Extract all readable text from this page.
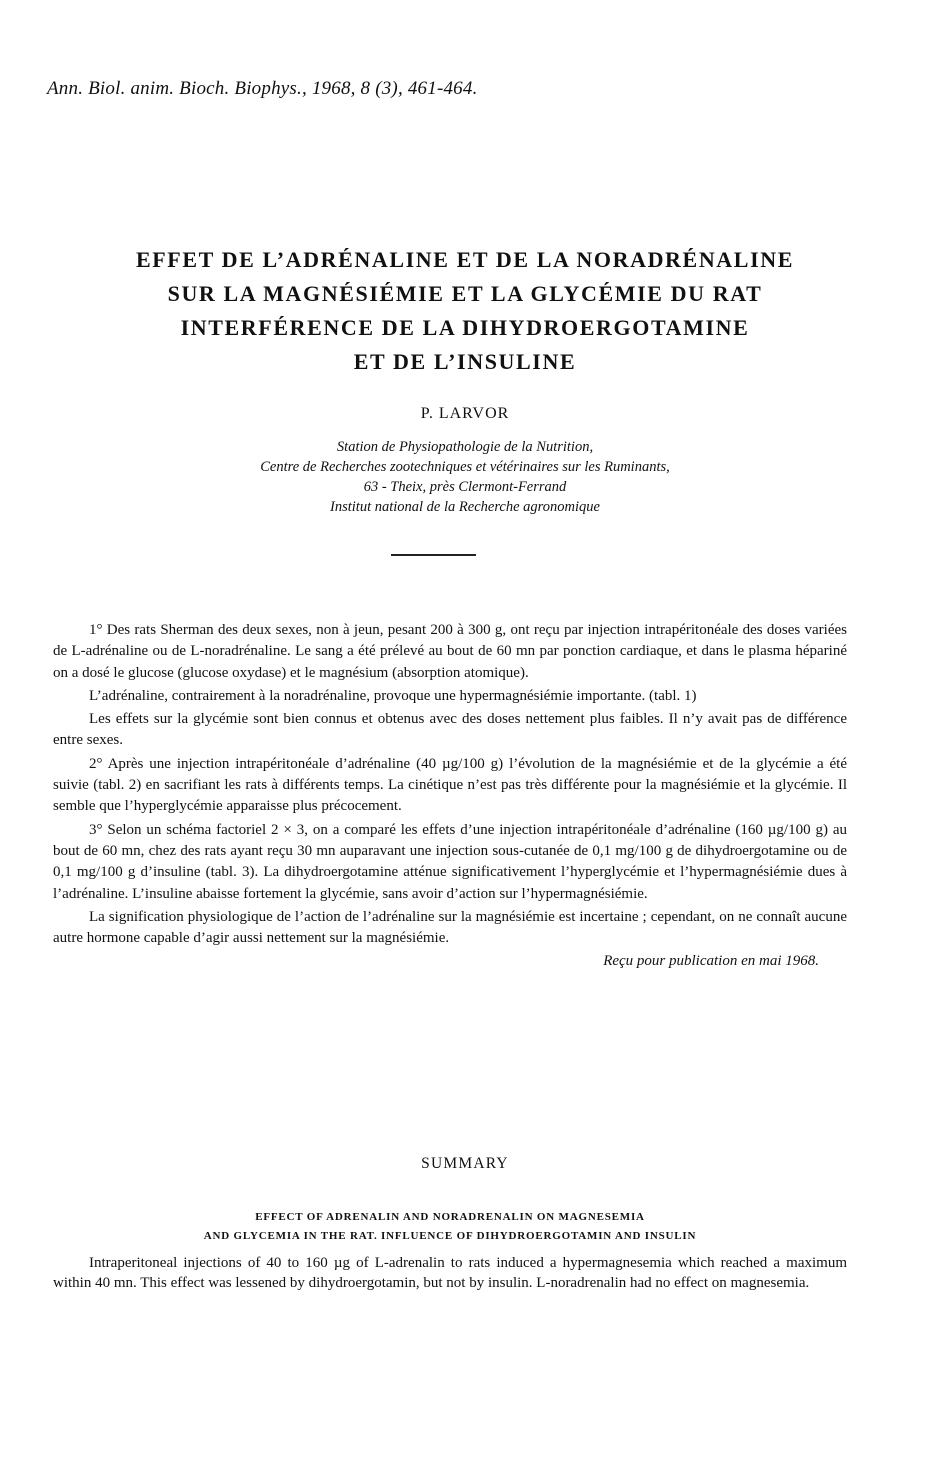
Ann. Biol. anim. Bioch. Biophys., 1968, 8 (3), 461-464.
EFFET DE L’ADRÉNALINE ET DE LA NORADRÉNALINE
SUR LA MAGNÉSIÉMIE ET LA GLYCÉMIE DU RAT
INTERFÉRENCE DE LA DIHYDROERGOTAMINE
ET DE L’INSULINE
P. LARVOR
Station de Physiopathologie de la Nutrition,
Centre de Recherches zootechniques et vétérinaires sur les Ruminants,
63 - Theix, près Clermont-Ferrand
Institut national de la Recherche agronomique

1° Des rats Sherman des deux sexes, non à jeun, pesant 200 à 300 g, ont reçu par injection intrapéritonéale des doses variées de L-adrénaline ou de L-noradrénaline. Le sang a été prélevé au bout de 60 mn par ponction cardiaque, et dans le plasma hépariné on a dosé le glucose (glucose oxydase) et le magnésium (absorption atomique).

L’adrénaline, contrairement à la noradrénaline, provoque une hypermagnésiémie importante. (tabl. 1)

Les effets sur la glycémie sont bien connus et obtenus avec des doses nettement plus faibles. Il n’y avait pas de différence entre sexes.

2° Après une injection intrapéritonéale d’adrénaline (40 µg/100 g) l’évolution de la magnésiémie et de la glycémie a été suivie (tabl. 2) en sacrifiant les rats à différents temps. La cinétique n’est pas très différente pour la magnésiémie et la glycémie. Il semble que l’hyperglycémie apparaisse plus précocement.

3° Selon un schéma factoriel 2 × 3, on a comparé les effets d’une injection intrapéritonéale d’adrénaline (160 µg/100 g) au bout de 60 mn, chez des rats ayant reçu 30 mn auparavant une injection sous-cutanée de 0,1 mg/100 g de dihydroergotamine ou de 0,1 mg/100 g d’insuline (tabl. 3). La dihydroergotamine atténue significativement l’hyperglycémie et l’hypermagnésiémie dues à l’adrénaline. L’insuline abaisse fortement la glycémie, sans avoir d’action sur l’hypermagnésiémie.

La signification physiologique de l’action de l’adrénaline sur la magnésiémie est incertaine ; cependant, on ne connaît aucune autre hormone capable d’agir aussi nettement sur la magnésiémie.

Reçu pour publication en mai 1968.
SUMMARY
EFFECT OF ADRENALIN AND NORADRENALIN ON MAGNESEMIA
AND GLYCEMIA IN THE RAT. INFLUENCE OF DIHYDROERGOTAMIN AND INSULIN

Intraperitoneal injections of 40 to 160 µg of L-adrenalin to rats induced a hypermagnesemia which reached a maximum within 40 mn. This effect was lessened by dihydroergotamin, but not by insulin. L-noradrenalin had no effect on magnesemia.
